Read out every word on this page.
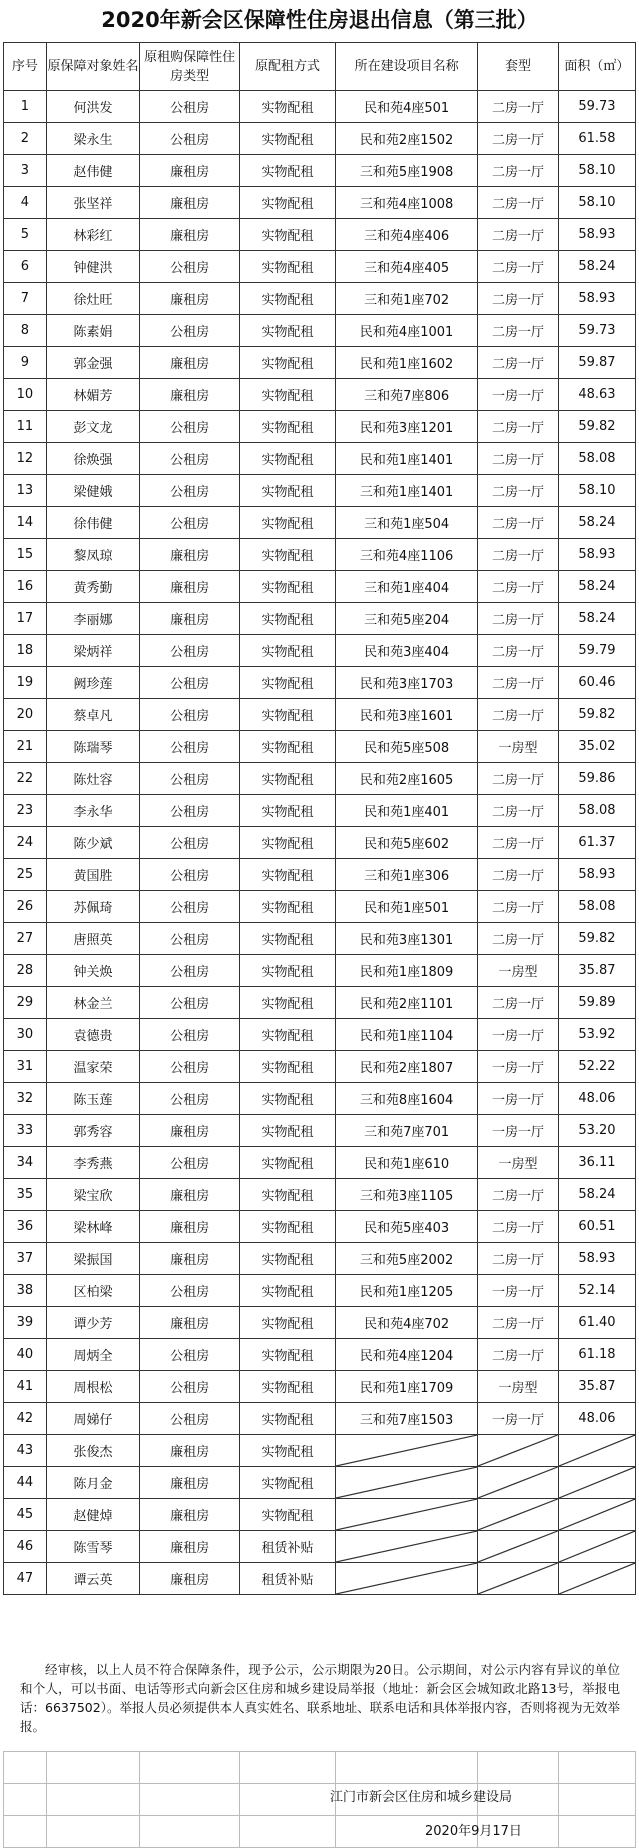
2020年新会区保障性住房退出信息（第三批）
序号	原保障对象姓名	原租购保障性住房类型	原配租方式	所在建设项目名称	套型	面积（㎡）
1	何洪发	公租房	实物配租	民和苑4座501	二房一厅	59.73
2	梁永生	公租房	实物配租	民和苑2座1502	二房一厅	61.58
3	赵伟健	廉租房	实物配租	三和苑5座1908	二房一厅	58.10
4	张坚祥	廉租房	实物配租	三和苑4座1008	二房一厅	58.10
5	林彩红	廉租房	实物配租	三和苑4座406	二房一厅	58.93
6	钟健洪	公租房	实物配租	三和苑4座405	二房一厅	58.24
7	徐灶旺	廉租房	实物配租	三和苑1座702	二房一厅	58.93
8	陈素娟	公租房	实物配租	民和苑4座1001	二房一厅	59.73
9	郭金强	廉租房	实物配租	民和苑1座1602	二房一厅	59.87
10	林媚芳	廉租房	实物配租	三和苑7座806	一房一厅	48.63
11	彭文龙	公租房	实物配租	民和苑3座1201	二房一厅	59.82
12	徐焕强	公租房	实物配租	民和苑1座1401	二房一厅	58.08
13	梁健娥	公租房	实物配租	三和苑1座1401	二房一厅	58.10
14	徐伟健	公租房	实物配租	三和苑1座504	二房一厅	58.24
15	黎凤琼	廉租房	实物配租	三和苑4座1106	二房一厅	58.93
16	黄秀勤	廉租房	实物配租	三和苑1座404	二房一厅	58.24
17	李丽娜	廉租房	实物配租	三和苑5座204	二房一厅	58.24
18	梁炳祥	公租房	实物配租	民和苑3座404	二房一厅	59.79
19	阙珍莲	公租房	实物配租	民和苑3座1703	二房一厅	60.46
20	蔡卓凡	公租房	实物配租	民和苑3座1601	二房一厅	59.82
21	陈瑞琴	公租房	实物配租	民和苑5座508	一房型	35.02
22	陈灶容	公租房	实物配租	民和苑2座1605	二房一厅	59.86
23	李永华	公租房	实物配租	民和苑1座401	二房一厅	58.08
24	陈少斌	公租房	实物配租	民和苑5座602	二房一厅	61.37
25	黄国胜	公租房	实物配租	三和苑1座306	二房一厅	58.93
26	苏佩琦	公租房	实物配租	民和苑1座501	二房一厅	58.08
27	唐照英	公租房	实物配租	民和苑3座1301	二房一厅	59.82
28	钟关焕	公租房	实物配租	民和苑1座1809	一房型	35.87
29	林金兰	公租房	实物配租	民和苑2座1101	二房一厅	59.89
30	袁德贵	公租房	实物配租	民和苑1座1104	一房一厅	53.92
31	温家荣	公租房	实物配租	民和苑2座1807	一房一厅	52.22
32	陈玉莲	公租房	实物配租	三和苑8座1604	一房一厅	48.06
33	郭秀容	廉租房	实物配租	三和苑7座701	一房一厅	53.20
34	李秀燕	公租房	实物配租	民和苑1座610	一房型	36.11
35	梁宝欣	廉租房	实物配租	三和苑3座1105	二房一厅	58.24
36	梁林峰	廉租房	实物配租	民和苑5座403	二房一厅	60.51
37	梁振国	廉租房	实物配租	三和苑5座2002	二房一厅	58.93
38	区柏梁	公租房	实物配租	民和苑1座1205	一房一厅	52.14
39	谭少芳	廉租房	实物配租	民和苑4座702	二房一厅	61.40
40	周炳全	公租房	实物配租	民和苑4座1204	二房一厅	61.18
41	周根松	公租房	实物配租	民和苑1座1709	一房型	35.87
42	周娣仔	公租房	实物配租	三和苑7座1503	一房一厅	48.06
43	张俊杰	廉租房	实物配租	

44	陈月金	廉租房	实物配租	

45	赵健焯	廉租房	实物配租	

46	陈雪琴	廉租房	租赁补贴	

47	谭云英	廉租房	租赁补贴	

经审核，以上人员不符合保障条件，现予公示，公示期限为20日。公示期间，对公示内容有异议的单位和个人，可以书面、电话等形式向新会区住房和城乡建设局举报（地址：新会区会城知政北路13号，举报电话：6637502）。举报人员必须提供本人真实姓名、联系地址、联系电话和具体举报内容，否则将视为无效举报。

江门市新会区住房和城乡建设局
2020年9月17日
